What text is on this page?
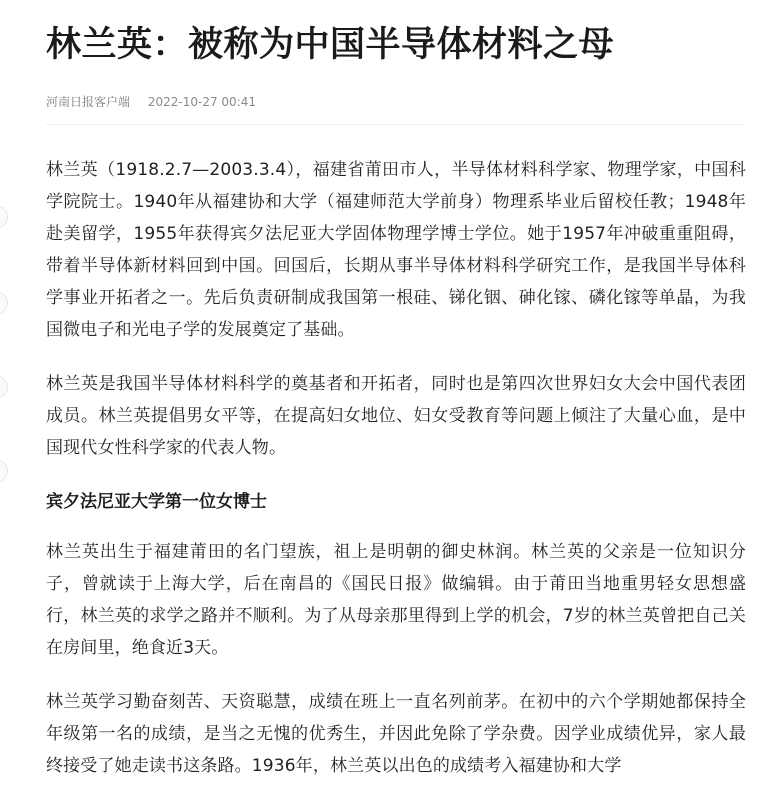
林兰英：被称为中国半导体材料之母
河南日报客户端 2022-10-27 00:41

林兰英（1918.2.7—2003.3.4），福建省莆田市人，半导体材料科学家、物理学家，中国科学院院士。1940年从福建协和大学（福建师范大学前身）物理系毕业后留校任教；1948年赴美留学，1955年获得宾夕法尼亚大学固体物理学博士学位。她于1957年冲破重重阻碍，带着半导体新材料回到中国。回国后，长期从事半导体材料科学研究工作，是我国半导体科学事业开拓者之一。先后负责研制成我国第一根硅、锑化铟、砷化镓、磷化镓等单晶，为我国微电子和光电子学的发展奠定了基础。

林兰英是我国半导体材料科学的奠基者和开拓者，同时也是第四次世界妇女大会中国代表团成员。林兰英提倡男女平等，在提高妇女地位、妇女受教育等问题上倾注了大量心血，是中国现代女性科学家的代表人物。

宾夕法尼亚大学第一位女博士

林兰英出生于福建莆田的名门望族，祖上是明朝的御史林润。林兰英的父亲是一位知识分子，曾就读于上海大学，后在南昌的《国民日报》做编辑。由于莆田当地重男轻女思想盛行，林兰英的求学之路并不顺利。为了从母亲那里得到上学的机会，7岁的林兰英曾把自己关在房间里，绝食近3天。

林兰英学习勤奋刻苦、天资聪慧，成绩在班上一直名列前茅。在初中的六个学期她都保持全年级第一名的成绩，是当之无愧的优秀生，并因此免除了学杂费。因学业成绩优异，家人最终接受了她走读书这条路。1936年，林兰英以出色的成绩考入福建协和大学
